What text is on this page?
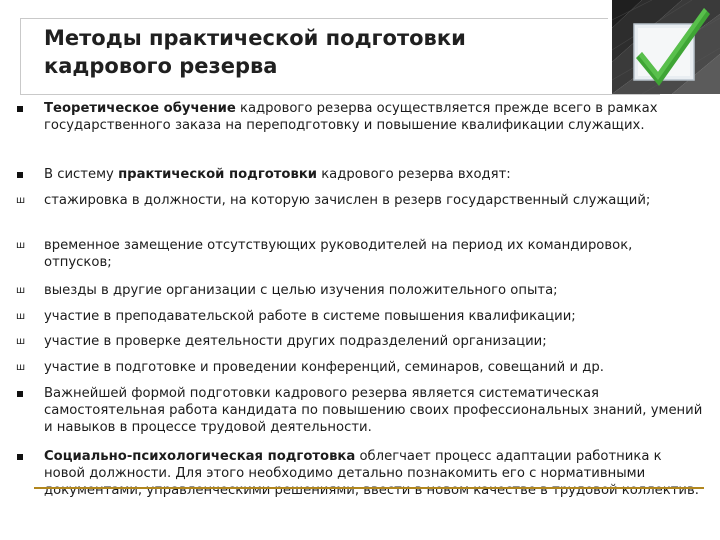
Методы практической подготовки
кадрового резерва
Теоретическое обучение кадрового резерва осуществляется прежде всего в рамках государственного заказа на переподготовку и повышение квалификации служащих.
В систему практической подготовки кадрового резерва входят:
ш стажировка в должности, на которую зачислен в резерв государственный служащий;
ш временное замещение отсутствующих руководителей на период их командировок, отпусков;
ш выезды в другие организации с целью изучения положительного опыта;
ш участие в преподавательской работе в системе повышения квалификации;
ш участие в проверке деятельности других подразделений организации;
ш участие в подготовке и проведении конференций, семинаров, совещаний и др.
Важнейшей формой подготовки кадрового резерва является систематическая самостоятельная работа кандидата по повышению своих профессиональных знаний, умений и навыков в процессе трудовой деятельности.
Социально-психологическая подготовка облегчает процесс адаптации работника к новой должности. Для этого необходимо детально познакомить его с нормативными документами, управленческими решениями, ввести в новом качестве в трудовой коллектив.
